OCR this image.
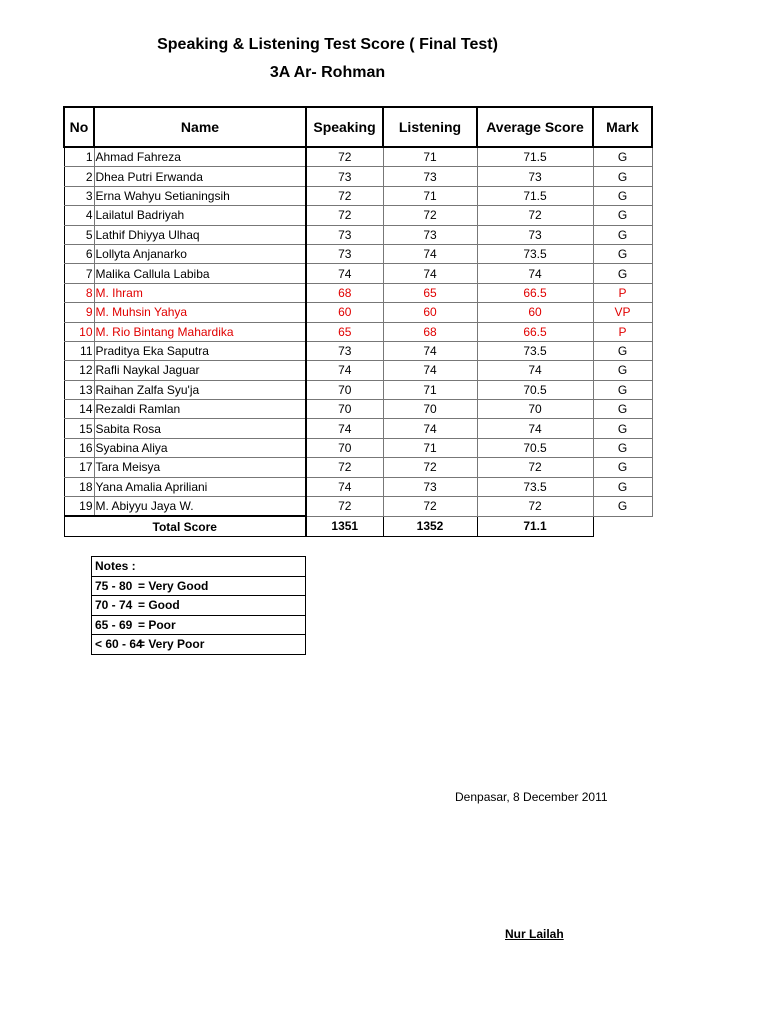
Speaking & Listening Test Score ( Final Test)
3A Ar- Rohman
No	Name	Speaking	Listening	Average Score	Mark
1	Ahmad Fahreza	72	71	71.5	G
2	Dhea Putri Erwanda	73	73	73	G
3	Erna Wahyu Setianingsih	72	71	71.5	G
4	Lailatul Badriyah	72	72	72	G
5	Lathif Dhiyya Ulhaq	73	73	73	G
6	Lollyta Anjanarko	73	74	73.5	G
7	Malika Callula Labiba	74	74	74	G
8	M. Ihram	68	65	66.5	P
9	M. Muhsin Yahya	60	60	60	VP
10	M. Rio Bintang Mahardika	65	68	66.5	P
11	Praditya Eka Saputra	73	74	73.5	G
12	Rafli Naykal Jaguar	74	74	74	G
13	Raihan Zalfa Syu'ja	70	71	70.5	G
14	Rezaldi Ramlan	70	70	70	G
15	Sabita Rosa	74	74	74	G
16	Syabina Aliya	70	71	70.5	G
17	Tara Meisya	72	72	72	G
18	Yana Amalia Apriliani	74	73	73.5	G
19	M. Abiyyu Jaya W.	72	72	72	G
Total Score		1351	1352	71.1	
Notes :
75 - 80 = Very Good
70 - 74 = Good
65 - 69 = Poor
< 60 - 64= Very Poor
Denpasar, 8 December 2011
Nur Lailah
